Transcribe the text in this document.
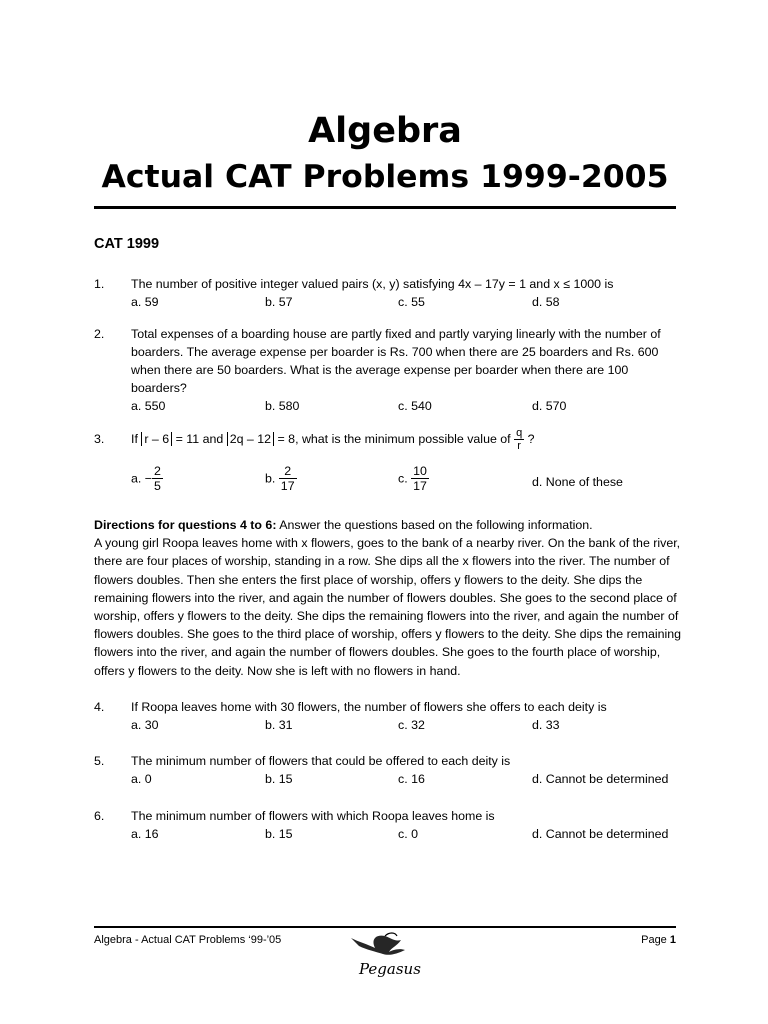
Algebra
Actual CAT Problems 1999-2005
CAT 1999
1. The number of positive integer valued pairs (x, y) satisfying 4x – 17y = 1 and x ≤ 1000 is
a. 59	b. 57	c. 55	d. 58
2. Total expenses of a boarding house are partly fixed and partly varying linearly with the number of boarders. The average expense per boarder is Rs. 700 when there are 25 boarders and Rs. 600 when there are 50 boarders. What is the average expense per boarder when there are 100 boarders?
a. 550	b. 580	c. 540	d. 570
3. If r – 6 = 11 and 2q – 12 = 8, what is the minimum possible value of $\frac{q}{r}$ ?
a. − $\frac{2}{5}$	b. $\frac{2}{17}$	c. $\frac{10}{17}$	d. None of these
Directions for questions 4 to 6: Answer the questions based on the following information.
A young girl Roopa leaves home with x flowers, goes to the bank of a nearby river. On the bank of the river, there are four places of worship, standing in a row. She dips all the x flowers into the river. The number of flowers doubles. Then she enters the first place of worship, offers y flowers to the deity. She dips the remaining flowers into the river, and again the number of flowers doubles. She goes to the second place of worship, offers y flowers to the deity. She dips the remaining flowers into the river, and again the number of flowers doubles. She goes to the third place of worship, offers y flowers to the deity. She dips the remaining flowers into the river, and again the number of flowers doubles. She goes to the fourth place of worship, offers y flowers to the deity. Now she is left with no flowers in hand.
4. If Roopa leaves home with 30 flowers, the number of flowers she offers to each deity is
a. 30	b. 31	c. 32	d. 33
5. The minimum number of flowers that could be offered to each deity is
a. 0	b. 15	c. 16	d. Cannot be determined
6. The minimum number of flowers with which Roopa leaves home is
a. 16	b. 15	c. 0	d. Cannot be determined
Algebra - Actual CAT Problems ‘99-’05	Page 1
Pegasus
